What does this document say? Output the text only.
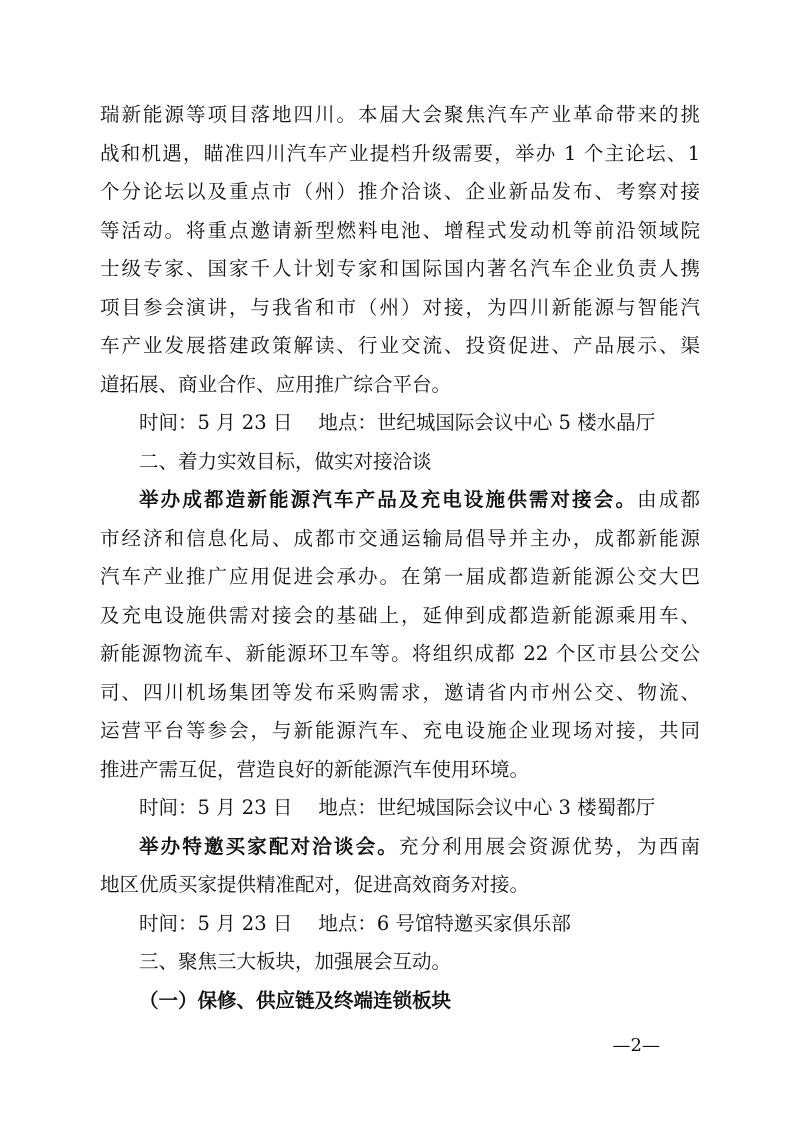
瑞新能源等项目落地四川。本届大会聚焦汽车产业革命带来的挑
战和机遇，瞄准四川汽车产业提档升级需要，举办 1 个主论坛、1
个分论坛以及重点市（州）推介洽谈、企业新品发布、考察对接
等活动。将重点邀请新型燃料电池、增程式发动机等前沿领域院
士级专家、国家千人计划专家和国际国内著名汽车企业负责人携
项目参会演讲，与我省和市（州）对接，为四川新能源与智能汽
车产业发展搭建政策解读、行业交流、投资促进、产品展示、渠
道拓展、商业合作、应用推广综合平台。
时间：5 月 23 日 地点：世纪城国际会议中心 5 楼水晶厅
二、着力实效目标，做实对接洽谈
举办成都造新能源汽车产品及充电设施供需对接会。由成都
市经济和信息化局、成都市交通运输局倡导并主办，成都新能源
汽车产业推广应用促进会承办。在第一届成都造新能源公交大巴
及充电设施供需对接会的基础上，延伸到成都造新能源乘用车、
新能源物流车、新能源环卫车等。将组织成都 22 个区市县公交公
司、四川机场集团等发布采购需求，邀请省内市州公交、物流、
运营平台等参会，与新能源汽车、充电设施企业现场对接，共同
推进产需互促，营造良好的新能源汽车使用环境。
时间：5 月 23 日 地点：世纪城国际会议中心 3 楼蜀都厅
举办特邀买家配对洽谈会。充分利用展会资源优势，为西南
地区优质买家提供精准配对，促进高效商务对接。
时间：5 月 23 日 地点：6 号馆特邀买家俱乐部
三、聚焦三大板块，加强展会互动。
（一）保修、供应链及终端连锁板块
—2—
